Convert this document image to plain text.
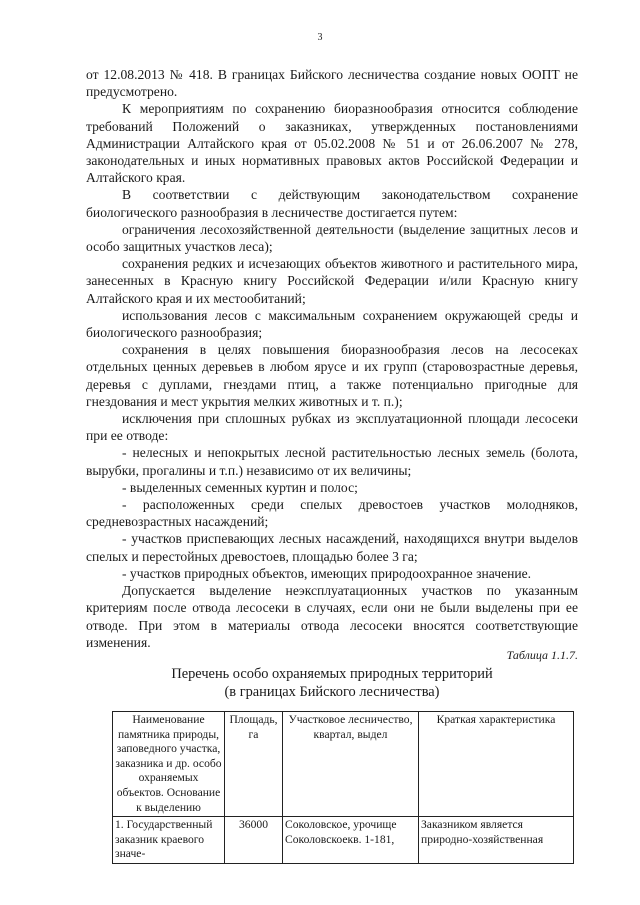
3

от 12.08.2013 № 418. В границах Бийского лесничества создание новых ООПТ не предусмотрено.

К мероприятиям по сохранению биоразнообразия относится соблюдение требований Положений о заказниках, утвержденных постановлениями Администрации Алтайского края от 05.02.2008 № 51 и от 26.06.2007 № 278, законодательных и иных нормативных правовых актов Российской Федерации и Алтайского края.

В соответствии с действующим законодательством сохранение биологического разнообразия в лесничестве достигается путем:

ограничения лесохозяйственной деятельности (выделение защитных лесов и особо защитных участков леса);

сохранения редких и исчезающих объектов животного и растительного мира, занесенных в Красную книгу Российской Федерации и/или Красную книгу Алтайского края и их местообитаний;

использования лесов с максимальным сохранением окружающей среды и биологического разнообразия;

сохранения в целях повышения биоразнообразия лесов на лесосеках отдельных ценных деревьев в любом ярусе и их групп (старовозрастные деревья, деревья с дуплами, гнездами птиц, а также потенциально пригодные для гнездования и мест укрытия мелких животных и т. п.);

исключения при сплошных рубках из эксплуатационной площади лесосеки при ее отводе:

- нелесных и непокрытых лесной растительностью лесных земель (болота, вырубки, прогалины и т.п.) независимо от их величины;

- выделенных семенных куртин и полос;

- расположенных среди спелых древостоев участков молодняков, средневозрастных насаждений;

- участков приспевающих лесных насаждений, находящихся внутри выделов спелых и перестойных древостоев, площадью более 3 га;

- участков природных объектов, имеющих природоохранное значение.

Допускается выделение неэксплуатационных участков по указанным критериям после отвода лесосеки в случаях, если они не были выделены при ее отводе. При этом в материалы отвода лесосеки вносятся соответствующие изменения.

Таблица 1.1.7.
Перечень особо охраняемых природных территорий
(в границах Бийского лесничества)
Наименование памятника природы, заповедного участка, заказника и др. особо охраняемых объектов. Основание к выделению	Площадь, га	Участковое лесничество, квартал, выдел	Краткая характеристика

1. Государственный заказник краевого значе-	36000	Соколовское, урочище Соколовскоекв. 1-181,	Заказником является природно-хозяйственная
